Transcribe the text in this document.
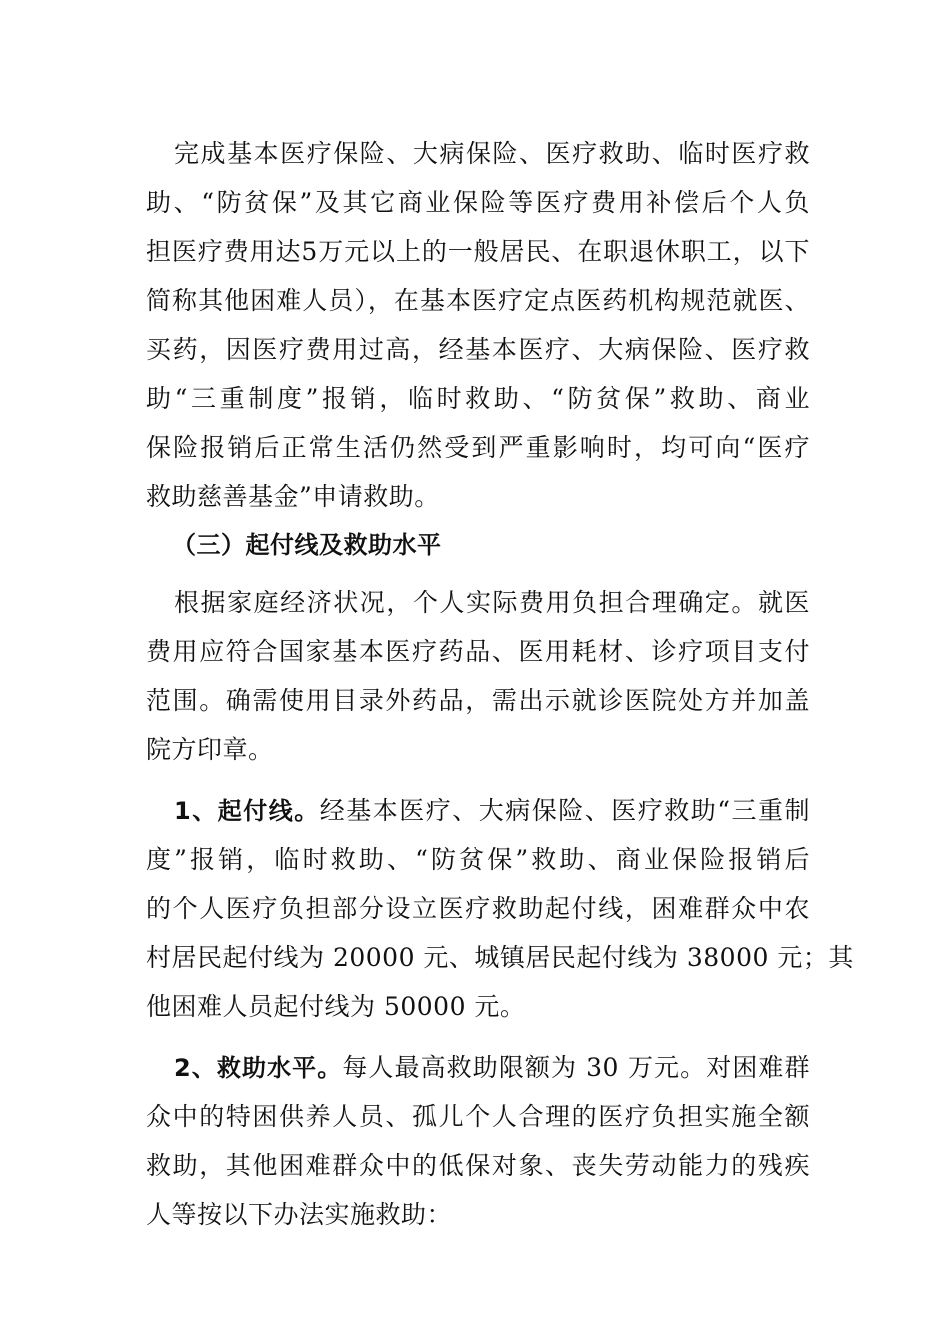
完成基本医疗保险、大病保险、医疗救助、临时医疗救
助、“防贫保”及其它商业保险等医疗费用补偿后个人负
担医疗费用达5万元以上的一般居民、在职退休职工，以下
简称其他困难人员），在基本医疗定点医药机构规范就医、
买药，因医疗费用过高，经基本医疗、大病保险、医疗救
助“三重制度”报销，临时救助、“防贫保”救助、商业
保险报销后正常生活仍然受到严重影响时，均可向“医疗
救助慈善基金”申请救助。
（三）起付线及救助水平
根据家庭经济状况，个人实际费用负担合理确定。就医
费用应符合国家基本医疗药品、医用耗材、诊疗项目支付
范围。确需使用目录外药品，需出示就诊医院处方并加盖
院方印章。
1、起付线。经基本医疗、大病保险、医疗救助“三重制
度”报销，临时救助、“防贫保”救助、商业保险报销后
的个人医疗负担部分设立医疗救助起付线，困难群众中农
村居民起付线为 20000 元、城镇居民起付线为 38000 元；其
他困难人员起付线为 50000 元。
2、救助水平。每人最高救助限额为 30 万元。对困难群
众中的特困供养人员、孤儿个人合理的医疗负担实施全额
救助，其他困难群众中的低保对象、丧失劳动能力的残疾
人等按以下办法实施救助：
